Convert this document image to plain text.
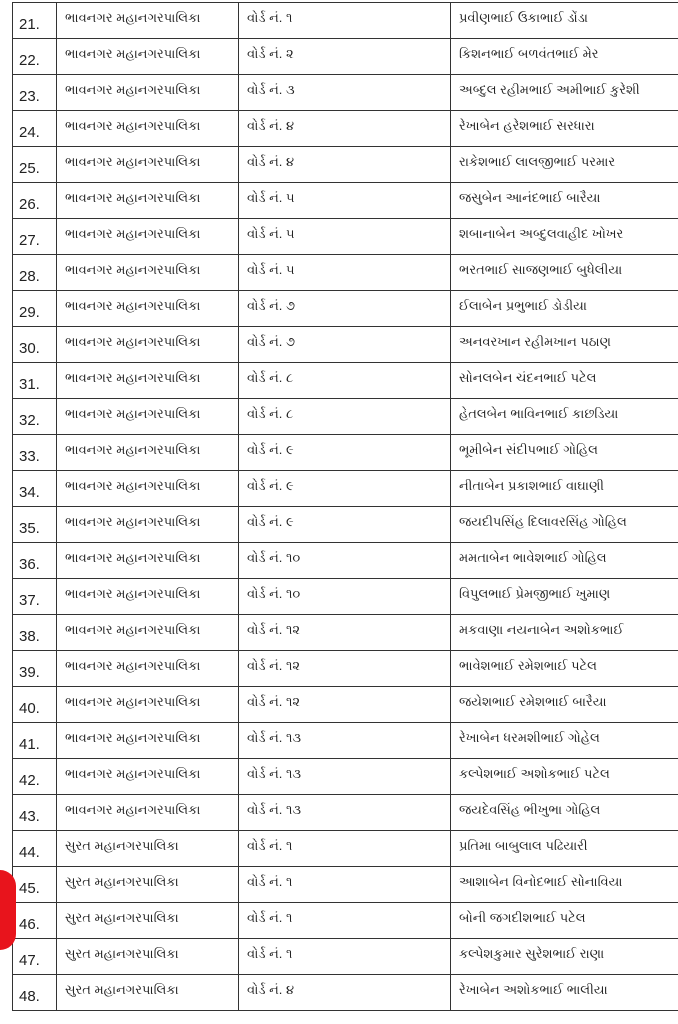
21.	ભાવનગર મહાનગરપાલિકા	વોર્ડ નં. ૧	પ્રવીણભાઈ ઉકાભાઈ ડોંડા
22.	ભાવનગર મહાનગરપાલિકા	વોર્ડ નં. ૨	કિશનભાઈ બળવંતભાઈ મેર
23.	ભાવનગર મહાનગરપાલિકા	વોર્ડ નં. ૩	અબ્દુલ રહીમભાઈ અમીભાઈ કુરેશી
24.	ભાવનગર મહાનગરપાલિકા	વોર્ડ નં. ૪	રેખાબેન હરેશભાઈ સરધારા
25.	ભાવનગર મહાનગરપાલિકા	વોર્ડ નં. ૪	રાકેશભાઈ લાલજીભાઈ પરમાર
26.	ભાવનગર મહાનગરપાલિકા	વોર્ડ નં. ૫	જસુબેન આનંદભાઈ બારૈયા
27.	ભાવનગર મહાનગરપાલિકા	વોર્ડ નં. ૫	શબાનાબેન અબ્દુલવાહીદ ખોખર
28.	ભાવનગર મહાનગરપાલિકા	વોર્ડ નં. ૫	ભરતભાઈ સાજણભાઈ બુધેલીયા
29.	ભાવનગર મહાનગરપાલિકા	વોર્ડ નં. ૭	ઈલાબેન પ્રભુભાઈ ડોડીયા
30.	ભાવનગર મહાનગરપાલિકા	વોર્ડ નં. ૭	અનવરખાન રહીમખાન પઠાણ
31.	ભાવનગર મહાનગરપાલિકા	વોર્ડ નં. ૮	સોનલબેન ચંદનભાઈ પટેલ
32.	ભાવનગર મહાનગરપાલિકા	વોર્ડ નં. ૮	હેતલબેન ભાવિનભાઈ કાછડિયા
33.	ભાવનગર મહાનગરપાલિકા	વોર્ડ નં. ૯	ભૂમીબેન સંદીપભાઈ ગોહિલ
34.	ભાવનગર મહાનગરપાલિકા	વોર્ડ નં. ૯	નીતાબેન પ્રકાશભાઈ વાઘાણી
35.	ભાવનગર મહાનગરપાલિકા	વોર્ડ નં. ૯	જયદીપસિંહ દિલાવરસિંહ ગોહિલ
36.	ભાવનગર મહાનગરપાલિકા	વોર્ડ નં. ૧૦	મમતાબેન ભાવેશભાઈ ગોહિલ
37.	ભાવનગર મહાનગરપાલિકા	વોર્ડ નં. ૧૦	વિપુલભાઈ પ્રેમજીભાઈ ખુમાણ
38.	ભાવનગર મહાનગરપાલિકા	વોર્ડ નં. ૧૨	મકવાણા નયનાબેન અશોકભાઈ
39.	ભાવનગર મહાનગરપાલિકા	વોર્ડ નં. ૧૨	ભાવેશભાઈ રમેશભાઈ પટેલ
40.	ભાવનગર મહાનગરપાલિકા	વોર્ડ નં. ૧૨	જયેશભાઈ રમેશભાઈ બારૈયા
41.	ભાવનગર મહાનગરપાલિકા	વોર્ડ નં. ૧૩	રેખાબેન ધરમશીભાઈ ગોહેલ
42.	ભાવનગર મહાનગરપાલિકા	વોર્ડ નં. ૧૩	કલ્પેશભાઈ અશોકભાઈ પટેલ
43.	ભાવનગર મહાનગરપાલિકા	વોર્ડ નં. ૧૩	જયદેવસિંહ ભીખુભા ગોહિલ
44.	સુરત મહાનગરપાલિકા	વોર્ડ નં. ૧	પ્રતિમા બાબુલાલ પઢિયારી
45.	સુરત મહાનગરપાલિકા	વોર્ડ નં. ૧	આશાબેન વિનોદભાઈ સોનાવિયા
46.	સુરત મહાનગરપાલિકા	વોર્ડ નં. ૧	બોની જગદીશભાઈ પટેલ
47.	સુરત મહાનગરપાલિકા	વોર્ડ નં. ૧	કલ્પેશકુમાર સુરેશભાઈ રાણા
48.	સુરત મહાનગરપાલિકા	વોર્ડ નં. ૪	રેખાબેન અશોકભાઈ ભાલીયા
